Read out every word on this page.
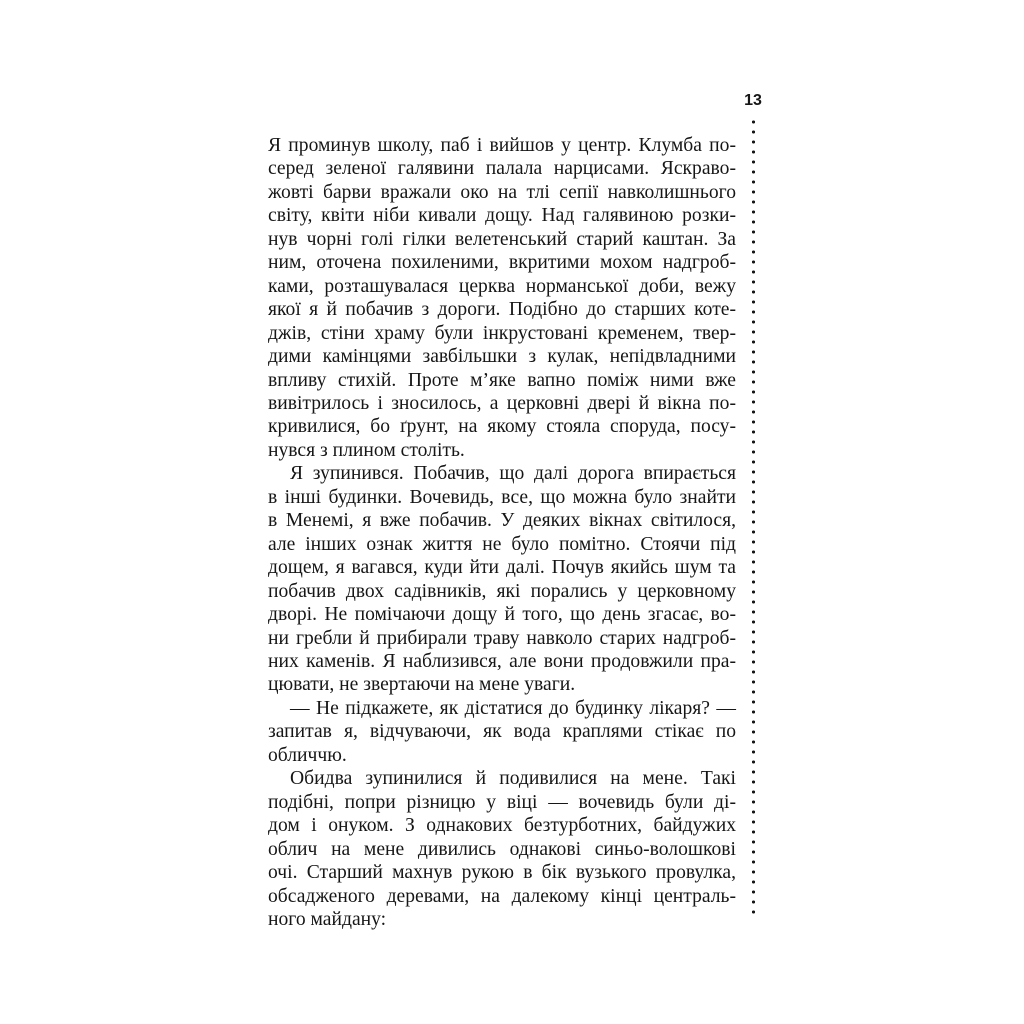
13
Я проминув школу, паб і вийшов у центр. Клумба по-
серед зеленої галявини палала нарцисами. Яскраво-
жовті барви вражали око на тлі сепії навколишнього
світу, квіти ніби кивали дощу. Над галявиною розки-
нув чорні голі гілки велетенський старий каштан. За
ним, оточена похиленими, вкритими мохом надгроб-
ками, розташувалася церква норманської доби, вежу
якої я й побачив з дороги. Подібно до старших коте-
джів, стіни храму були інкрустовані кременем, твер-
дими камінцями завбільшки з кулак, непідвладними
впливу стихій. Проте м’яке вапно поміж ними вже
вивітрилось і зносилось, а церковні двері й вікна по-
кривилися, бо ґрунт, на якому стояла споруда, посу-
нувся з плином століть.
Я зупинився. Побачив, що далі дорога впирається
в інші будинки. Вочевидь, все, що можна було знайти
в Менемі, я вже побачив. У деяких вікнах світилося,
але інших ознак життя не було помітно. Стоячи під
дощем, я вагався, куди йти далі. Почув якийсь шум та
побачив двох садівників, які порались у церковному
дворі. Не помічаючи дощу й того, що день згасає, во-
ни гребли й прибирали траву навколо старих надгроб-
них каменів. Я наблизився, але вони продовжили пра-
цювати, не звертаючи на мене уваги.
— Не підкажете, як дістатися до будинку лікаря? —
запитав я, відчуваючи, як вода краплями стікає по
обличчю.
Обидва зупинилися й подивилися на мене. Такі
подібні, попри різницю у віці — вочевидь були ді-
дом і онуком. З однакових безтурботних, байдужих
облич на мене дивились однакові синьо-волошкові
очі. Старший махнув рукою в бік вузького провулка,
обсадженого деревами, на далекому кінці централь-
ного майдану:
